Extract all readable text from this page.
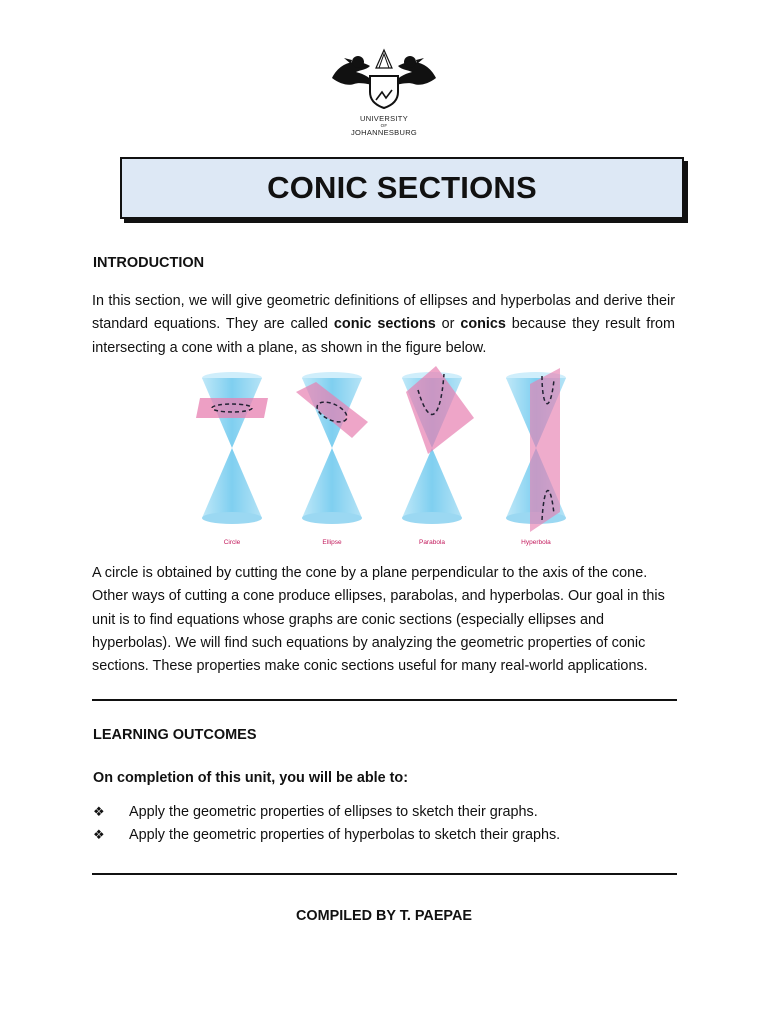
UNIVERSITY
OF
JOHANNESBURG
CONIC SECTIONS
INTRODUCTION
In this section, we will give geometric definitions of ellipses and hyperbolas and derive their standard equations. They are called conic sections or conics because they result from intersecting a cone with a plane, as shown in the figure below.
Circle	Ellipse	Parabola	Hyperbola
A circle is obtained by cutting the cone by a plane perpendicular to the axis of the cone. Other ways of cutting a cone produce ellipses, parabolas, and hyperbolas. Our goal in this unit is to find equations whose graphs are conic sections (especially ellipses and hyperbolas). We will find such equations by analyzing the geometric properties of conic sections. These properties make conic sections useful for many real-world applications.
LEARNING OUTCOMES
On completion of this unit, you will be able to:
❖	Apply the geometric properties of ellipses to sketch their graphs.
❖	Apply the geometric properties of hyperbolas to sketch their graphs.
COMPILED BY T. PAEPAE
